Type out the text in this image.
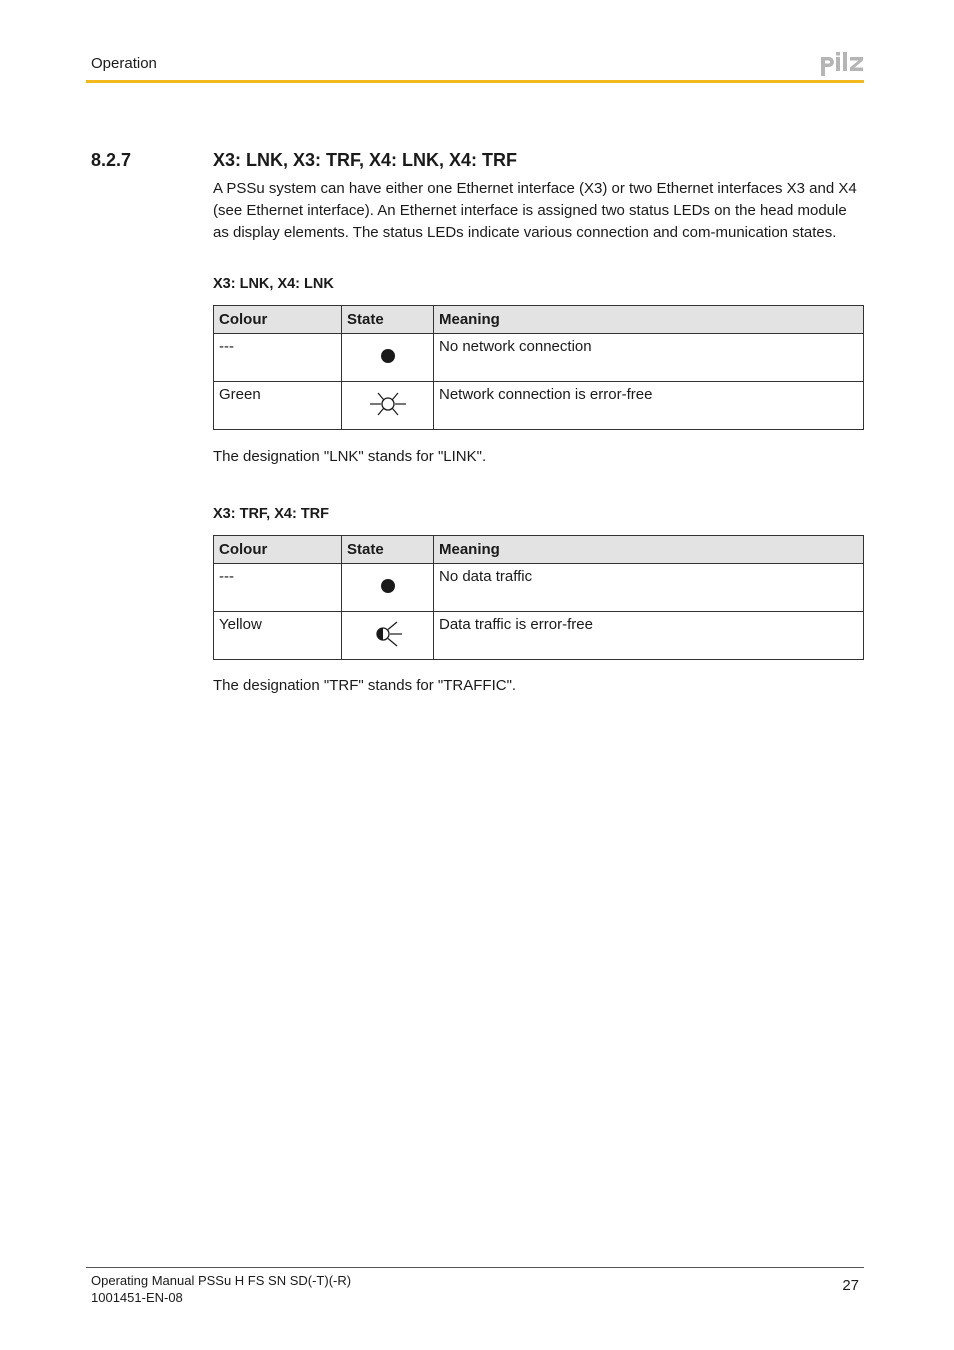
Operation
8.2.7	X3: LNK, X3: TRF, X4: LNK, X4: TRF

A PSSu system can have either one Ethernet interface (X3) or two Ethernet interfaces X3 and X4 (see Ethernet interface). An Ethernet interface is assigned two status LEDs on the head module as display elements. The status LEDs indicate various connection and com-munication states.

X3: LNK, X4: LNK
Colour	State	Meaning
---		No network connection
Green		Network connection is error-free

The designation "LNK" stands for "LINK".

X3: TRF, X4: TRF
Colour	State	Meaning
---		No data traffic
Yellow		Data traffic is error-free

The designation "TRF" stands for "TRAFFIC".

Operating Manual PSSu H FS SN SD(-T)(-R)
1001451-EN-08
27
